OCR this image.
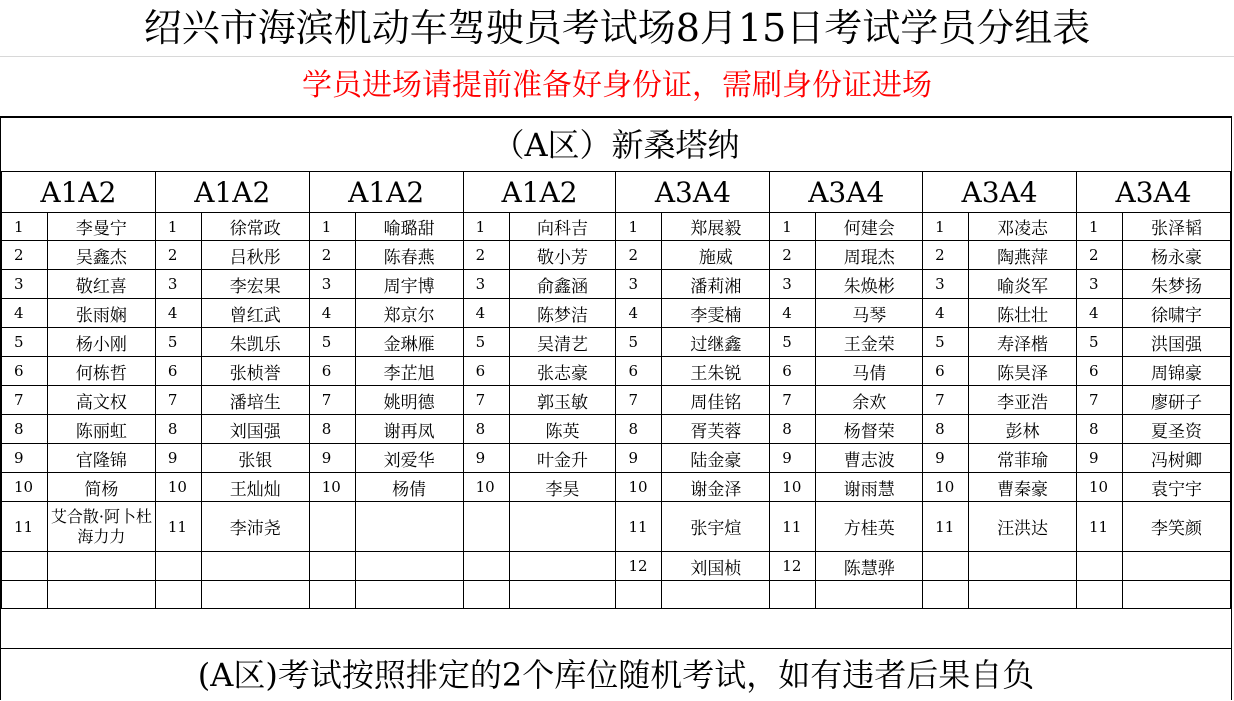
绍兴市海滨机动车驾驶员考试场8月15日考试学员分组表
学员进场请提前准备好身份证，需刷身份证进场
（A区）新桑塔纳
A1A2		A1A2		A1A2		A1A2		A3A4		A3A4		A3A4		A3A4	
1	李曼宁	1	徐常政	1	喻璐甜	1	向科吉	1	郑展毅	1	何建会	1	邓凌志	1	张泽韬
2	吴鑫杰	2	吕秋彤	2	陈春燕	2	敬小芳	2	施威	2	周琨杰	2	陶燕萍	2	杨永豪
3	敬红喜	3	李宏果	3	周宇博	3	俞鑫涵	3	潘莉湘	3	朱焕彬	3	喻炎军	3	朱梦扬
4	张雨娴	4	曾红武	4	郑京尔	4	陈梦洁	4	李雯楠	4	马琴	4	陈壮壮	4	徐啸宇
5	杨小刚	5	朱凯乐	5	金琳雁	5	吴清艺	5	过继鑫	5	王金荣	5	寿泽楷	5	洪国强
6	何栋哲	6	张桢誉	6	李芷旭	6	张志豪	6	王朱锐	6	马倩	6	陈昊泽	6	周锦豪
7	高文权	7	潘培生	7	姚明德	7	郭玉敏	7	周佳铭	7	余欢	7	李亚浩	7	廖研子
8	陈丽虹	8	刘国强	8	谢再凤	8	陈英	8	胥芙蓉	8	杨督荣	8	彭林	8	夏圣资
9	官隆锦	9	张银	9	刘爱华	9	叶金升	9	陆金豪	9	曹志波	9	常菲瑜	9	冯树卿
10	简杨	10	王灿灿	10	杨倩	10	李昊	10	谢金泽	10	谢雨慧	10	曹秦豪	10	袁宁宇
11	艾合散·阿卜杜海力力	11	李沛尧					11	张宇煊	11	方桂英	11	汪洪达	11	李笑颜
								12	刘国桢	12	陈慧骅				

(A区)考试按照排定的2个库位随机考试，如有违者后果自负
